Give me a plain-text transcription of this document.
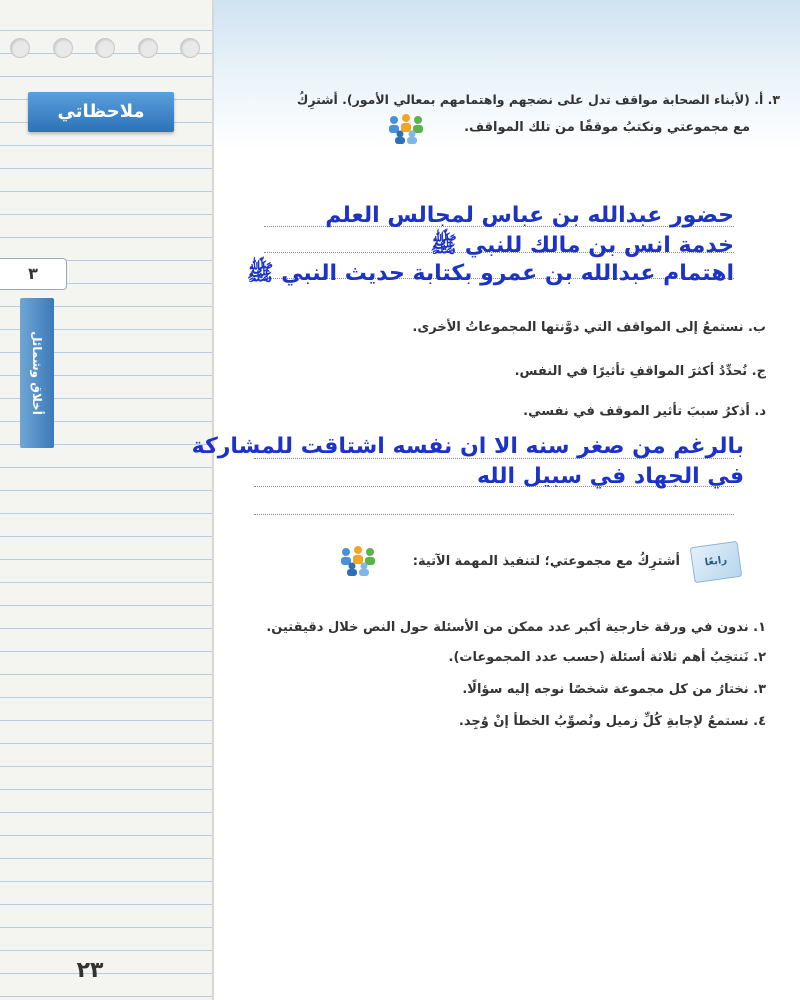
ملاحظاتي
٣
أخلاق وشمائل
٢٣
٣. أ. (لأبناء الصحابة مواقف تدل على نضجهم واهتمامهم بمعالي الأمور). أشترِكُ
مع مجموعتي ونكتبُ موقفًا من تلك المواقف.
حضور عبدالله بن عباس لمجالس العلم
خدمة انس بن مالك للنبي ﷺ
اهتمام عبدالله بن عمرو بكتابة حديث النبي ﷺ
ب. نستمعُ إلى المواقف التي دوَّنتها المجموعاتُ الأخرى.
ج. نُحدِّدُ أكثرَ المواقفِ تأثيرًا في النفس.
د. أذكرُ سببَ تأثير الموقف في نفسي.
بالرغم من صغر سنه الا ان نفسه اشتاقت للمشاركة
في الجهاد في سبيل الله
رابعًا
أشترِكُ مع مجموعتي؛ لتنفيذ المهمة الآتية:
١. ندون في ورقة خارجية أكبر عدد ممكن من الأسئلة حول النص خلال دقيقتين.
٢. نَنتخِبُ أهم ثلاثة أسئلة (حسب عدد المجموعات).
٣. نختارُ من كل مجموعة شخصًا نوجه إليه سؤالًا.
٤. نستمعُ لإجابةِ كُلِّ زميل ونُصوِّبُ الخطأ إنْ وُجِد.
